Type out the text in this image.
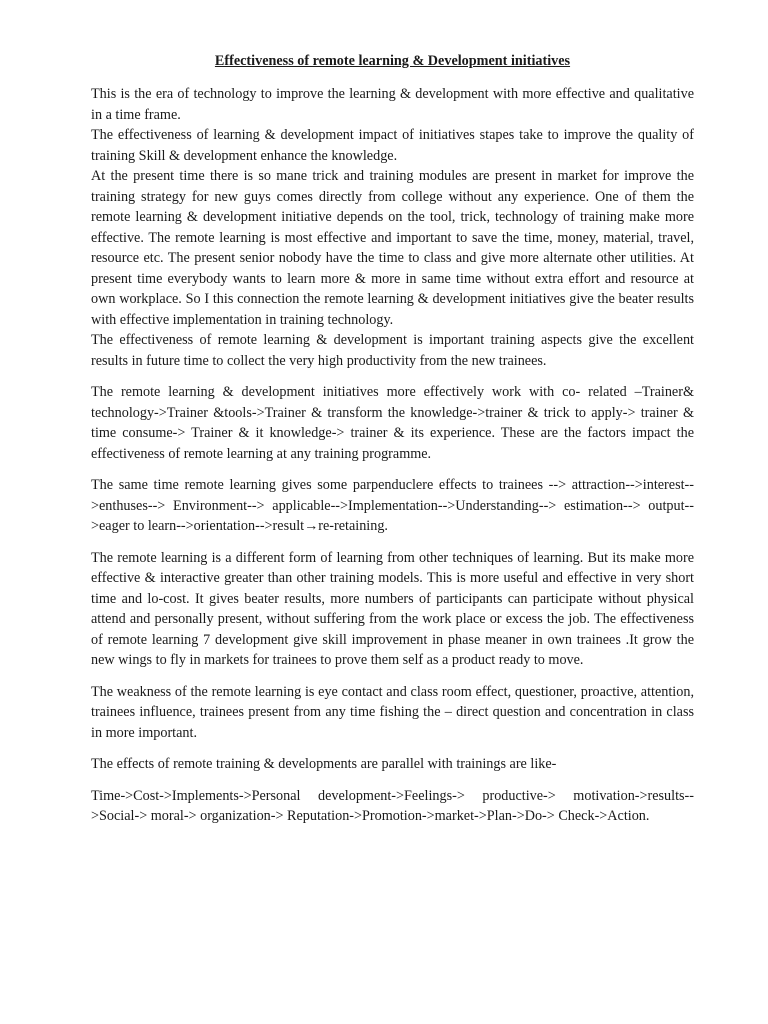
Effectiveness of remote learning & Development initiatives

This is the era of technology to improve the learning & development with more effective and qualitative in a time frame.

The effectiveness of learning & development impact of initiatives stapes take to improve the quality of training Skill & development enhance the knowledge.

At the present time there is so mane trick and training modules are present in market for improve the training strategy for new guys comes directly from college without any experience. One of them the remote learning & development initiative depends on the tool, trick, technology of training make more effective. The remote learning is most effective and important to save the time, money, material, travel, resource etc. The present senior nobody have the time to class and give more alternate other utilities. At present time everybody wants to learn more & more in same time without extra effort and resource at own workplace. So I this connection the remote learning & development initiatives give the beater results with effective implementation in training technology.

The effectiveness of remote learning & development is important training aspects give the excellent results in future time to collect the very high productivity from the new trainees.

The remote learning & development initiatives more effectively work with co- related –Trainer& technology->Trainer &tools->Trainer & transform the knowledge->trainer & trick to apply-> trainer & time consume-> Trainer & it knowledge-> trainer & its experience. These are the factors impact the effectiveness of remote learning at any training programme.

The same time remote learning gives some parpenduclere effects to trainees --> attraction-->interest-->enthuses--> Environment--> applicable-->Implementation-->Understanding--> estimation--> output-->eager to learn-->orientation-->result→re-retaining.

The remote learning is a different form of learning from other techniques of learning. But its make more effective & interactive greater than other training models. This is more useful and effective in very short time and lo-cost. It gives beater results, more numbers of participants can participate without physical attend and personally present, without suffering from the work place or excess the job. The effectiveness of remote learning 7 development give skill improvement in phase meaner in own trainees .It grow the new wings to fly in markets for trainees to prove them self as a product ready to move.

The weakness of the remote learning is eye contact and class room effect, questioner, proactive, attention, trainees influence, trainees present from any time fishing the – direct question and concentration in class in more important.

The effects of remote training & developments are parallel with trainings are like-

Time->Cost->Implements->Personal development->Feelings-> productive-> motivation->results-->Social-> moral-> organization-> Reputation->Promotion->market->Plan->Do-> Check->Action.
